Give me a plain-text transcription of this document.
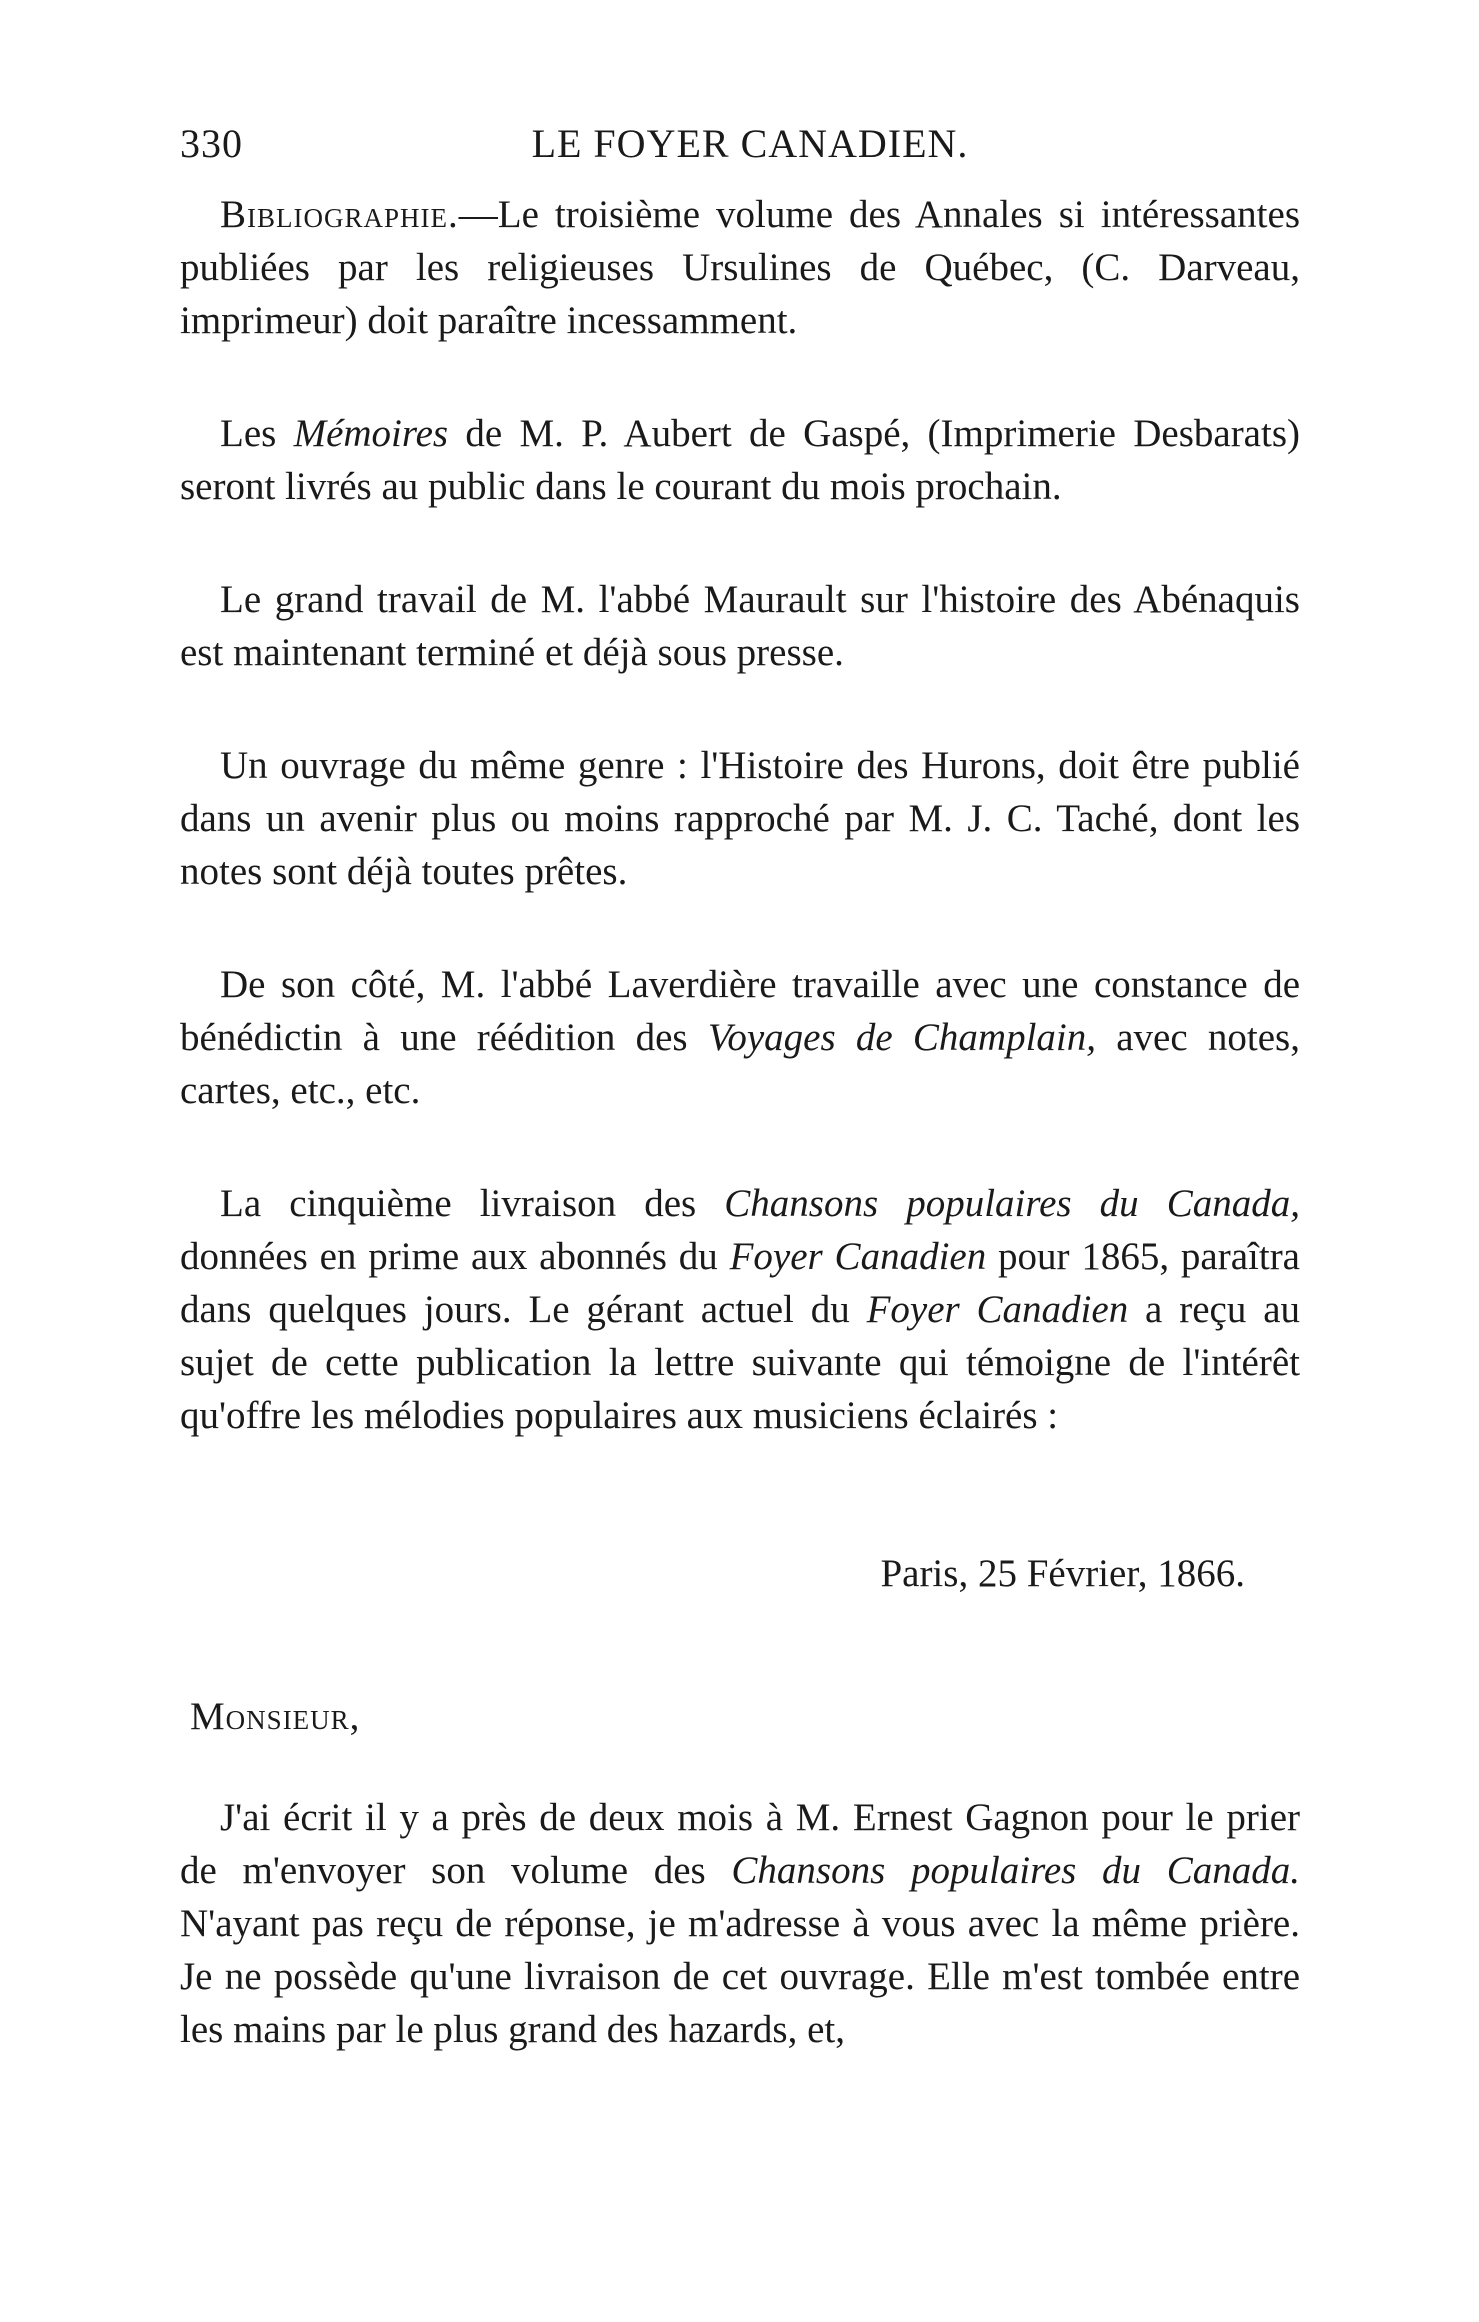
330	LE FOYER CANADIEN.

Bibliographie.—Le troisième volume des Annales si intéressantes publiées par les religieuses Ursulines de Québec, (C. Darveau, imprimeur) doit paraître incessamment.

Les Mémoires de M. P. Aubert de Gaspé, (Imprimerie Desbarats) seront livrés au public dans le courant du mois prochain.

Le grand travail de M. l'abbé Maurault sur l'histoire des Abénaquis est maintenant terminé et déjà sous presse.

Un ouvrage du même genre : l'Histoire des Hurons, doit être publié dans un avenir plus ou moins rapproché par M. J. C. Taché, dont les notes sont déjà toutes prêtes.

De son côté, M. l'abbé Laverdière travaille avec une constance de bénédictin à une réédition des Voyages de Champlain, avec notes, cartes, etc., etc.

La cinquième livraison des Chansons populaires du Canada, données en prime aux abonnés du Foyer Canadien pour 1865, paraîtra dans quelques jours. Le gérant actuel du Foyer Canadien a reçu au sujet de cette publication la lettre suivante qui témoigne de l'intérêt qu'offre les mélodies populaires aux musiciens éclairés :

Paris, 25 Février, 1866.

Monsieur,

J'ai écrit il y a près de deux mois à M. Ernest Gagnon pour le prier de m'envoyer son volume des Chansons populaires du Canada. N'ayant pas reçu de réponse, je m'adresse à vous avec la même prière. Je ne possède qu'une livraison de cet ouvrage. Elle m'est tombée entre les mains par le plus grand des hazards, et,
